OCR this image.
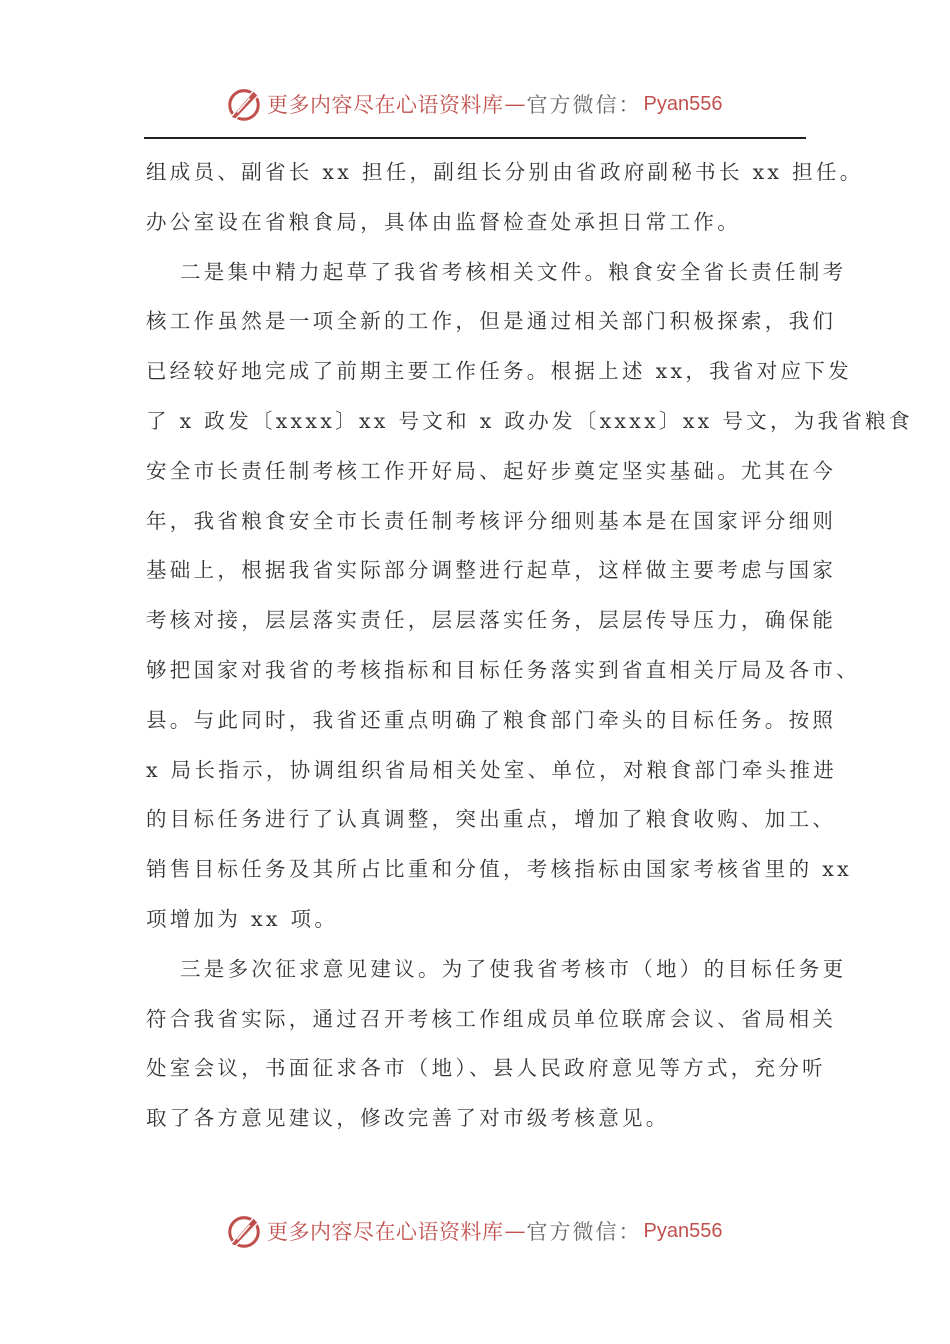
更多内容尽在心语资料库 — 官方微信： Pyan556
组成员、副省长 xx 担任，副组长分别由省政府副秘书长 xx 担任。
办公室设在省粮食局，具体由监督检查处承担日常工作。
二是集中精力起草了我省考核相关文件。粮食安全省长责任制考
核工作虽然是一项全新的工作，但是通过相关部门积极探索，我们
已经较好地完成了前期主要工作任务。根据上述 xx，我省对应下发
了 x 政发〔xxxx〕xx 号文和 x 政办发〔xxxx〕xx 号文，为我省粮食
安全市长责任制考核工作开好局、起好步奠定坚实基础。尤其在今
年，我省粮食安全市长责任制考核评分细则基本是在国家评分细则
基础上，根据我省实际部分调整进行起草，这样做主要考虑与国家
考核对接，层层落实责任，层层落实任务，层层传导压力，确保能
够把国家对我省的考核指标和目标任务落实到省直相关厅局及各市、
县。与此同时，我省还重点明确了粮食部门牵头的目标任务。按照
x 局长指示，协调组织省局相关处室、单位，对粮食部门牵头推进
的目标任务进行了认真调整，突出重点，增加了粮食收购、加工、
销售目标任务及其所占比重和分值，考核指标由国家考核省里的 xx
项增加为 xx 项。
三是多次征求意见建议。为了使我省考核市（地）的目标任务更
符合我省实际，通过召开考核工作组成员单位联席会议、省局相关
处室会议，书面征求各市（地）、县人民政府意见等方式，充分听
取了各方意见建议，修改完善了对市级考核意见。
更多内容尽在心语资料库 — 官方微信： Pyan556
